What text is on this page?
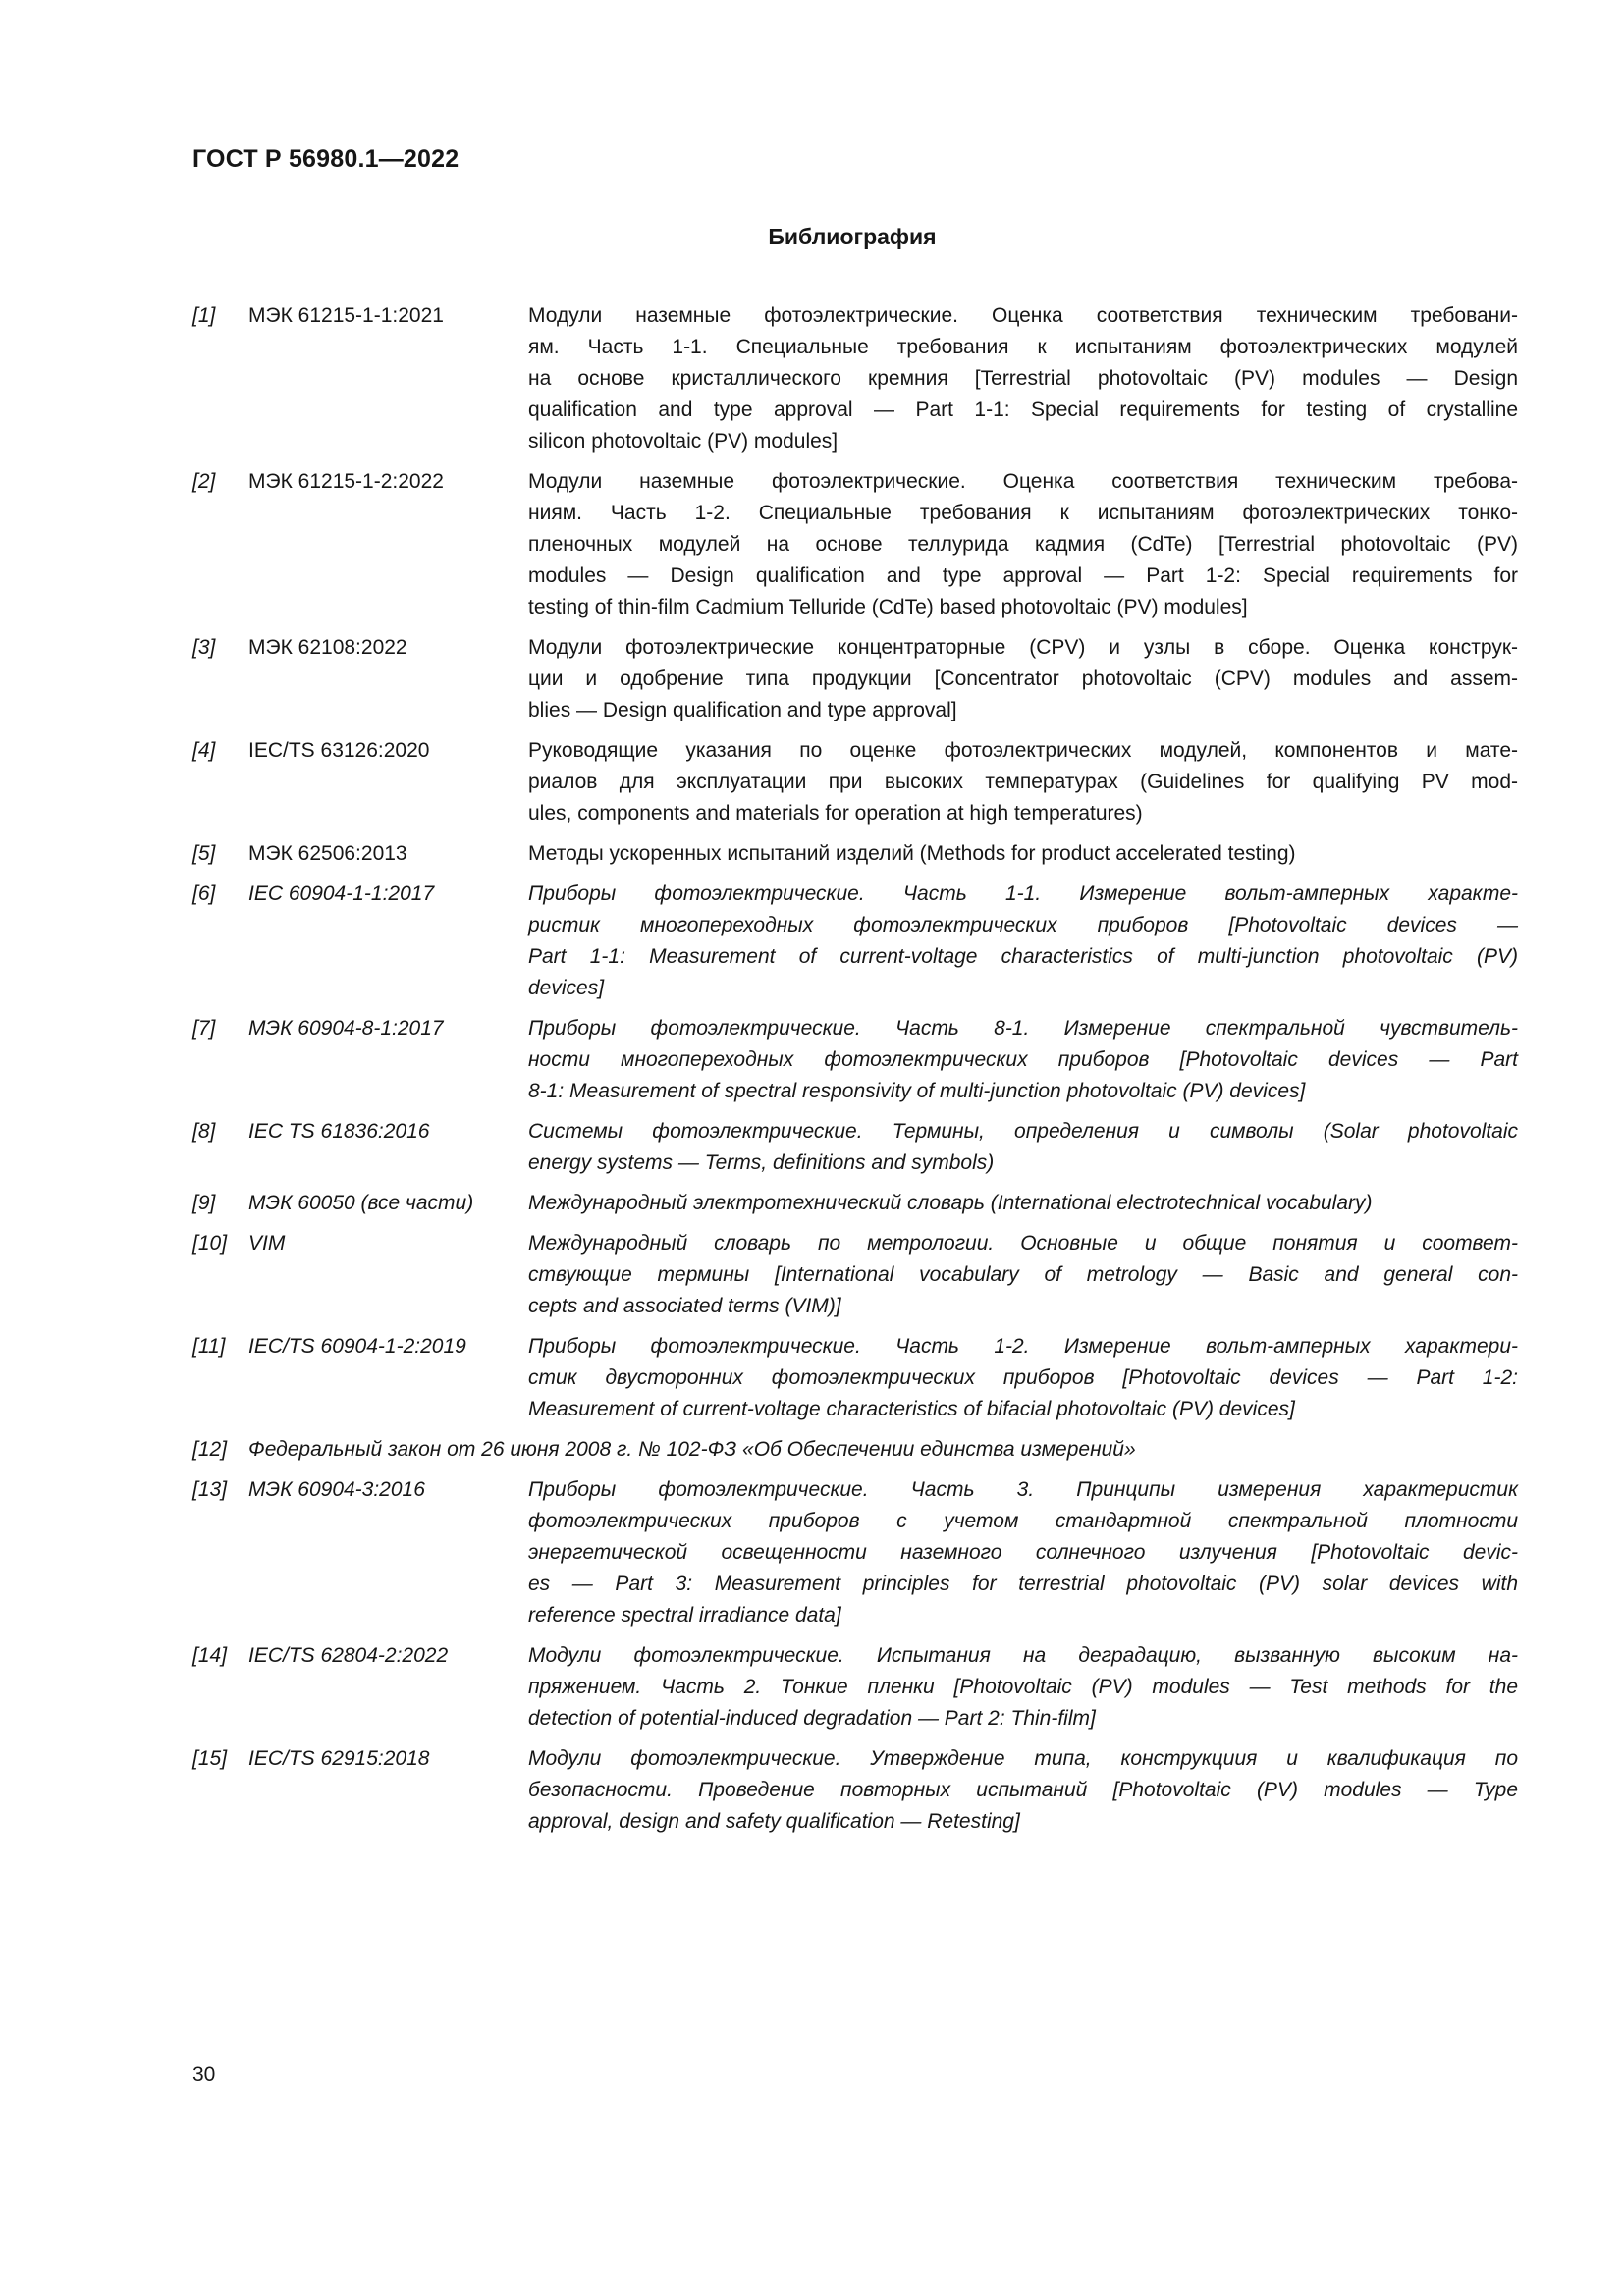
ГОСТ Р 56980.1—2022
Библиография
[1]	МЭК 61215-1-1:2021	Модули наземные фотоэлектрические. Оценка соответствия техническим требовани-
ям. Часть 1-1. Специальные требования к испытаниям фотоэлектрических модулей
на основе кристаллического кремния [Terrestrial photovoltaic (PV) modules — Design
qualification and type approval — Part 1-1: Special requirements for testing of crystalline
silicon photovoltaic (PV) modules]
[2]	МЭК 61215-1-2:2022	Модули наземные фотоэлектрические. Оценка соответствия техническим требова-
ниям. Часть 1-2. Специальные требования к испытаниям фотоэлектрических тонко-
пленочных модулей на основе теллурида кадмия (CdTe) [Terrestrial photovoltaic (PV)
modules — Design qualification and type approval — Part 1-2: Special requirements for
testing of thin-film Cadmium Telluride (CdTe) based photovoltaic (PV) modules]
[3]	МЭК 62108:2022	Модули фотоэлектрические концентраторные (CPV) и узлы в сборе. Оценка конструк-
ции и одобрение типа продукции [Concentrator photovoltaic (CPV) modules and assem-
blies — Design qualification and type approval]
[4]	IEC/TS 63126:2020	Руководящие указания по оценке фотоэлектрических модулей, компонентов и мате-
риалов для эксплуатации при высоких температурах (Guidelines for qualifying PV mod-
ules, components and materials for operation at high temperatures)
[5]	МЭК 62506:2013	Методы ускоренных испытаний изделий (Methods for product accelerated testing)
[6]	IEC 60904-1-1:2017	Приборы фотоэлектрические. Часть 1-1. Измерение вольт-амперных характе-
ристик многопереходных фотоэлектрических приборов [Photovoltaic devices —
Part 1-1: Measurement of current-voltage characteristics of multi-junction photovoltaic (PV)
devices]
[7]	МЭК 60904-8-1:2017	Приборы фотоэлектрические. Часть 8-1. Измерение спектральной чувствитель-
ности многопереходных фотоэлектрических приборов [Photovoltaic devices — Part
8-1: Measurement of spectral responsivity of multi-junction photovoltaic (PV) devices]
[8]	IEC TS 61836:2016	Системы фотоэлектрические. Термины, определения и символы (Solar photovoltaic
energy systems — Terms, definitions and symbols)
[9]	МЭК 60050 (все части)	Международный электротехнический словарь (International electrotechnical vocabulary)
[10]	VIM	Международный словарь по метрологии. Основные и общие понятия и соответ-
ствующие термины [International vocabulary of metrology — Basic and general con-
cepts and associated terms (VIM)]
[11]	IEC/TS 60904-1-2:2019	Приборы фотоэлектрические. Часть 1-2. Измерение вольт-амперных характери-
стик двусторонних фотоэлектрических приборов [Photovoltaic devices — Part 1-2:
Measurement of current-voltage characteristics of bifacial photovoltaic (PV) devices]
[12]	Федеральный закон от 26 июня 2008 г. № 102-ФЗ «Об Обеспечении единства измерений»
[13]	МЭК 60904-3:2016	Приборы фотоэлектрические. Часть 3. Принципы измерения характеристик
фотоэлектрических приборов с учетом стандартной спектральной плотности
энергетической освещенности наземного солнечного излучения [Photovoltaic devic-
es — Part 3: Measurement principles for terrestrial photovoltaic (PV) solar devices with
reference spectral irradiance data]
[14]	IEC/TS 62804-2:2022	Модули фотоэлектрические. Испытания на деградацию, вызванную высоким на-
пряжением. Часть 2. Тонкие пленки [Photovoltaic (PV) modules — Test methods for the
detection of potential-induced degradation — Part 2: Thin-film]
[15]	IEC/TS 62915:2018	Модули фотоэлектрические. Утверждение типа, конструкциия и квалификация по
безопасности. Проведение повторных испытаний [Photovoltaic (PV) modules — Type
approval, design and safety qualification — Retesting]
30
